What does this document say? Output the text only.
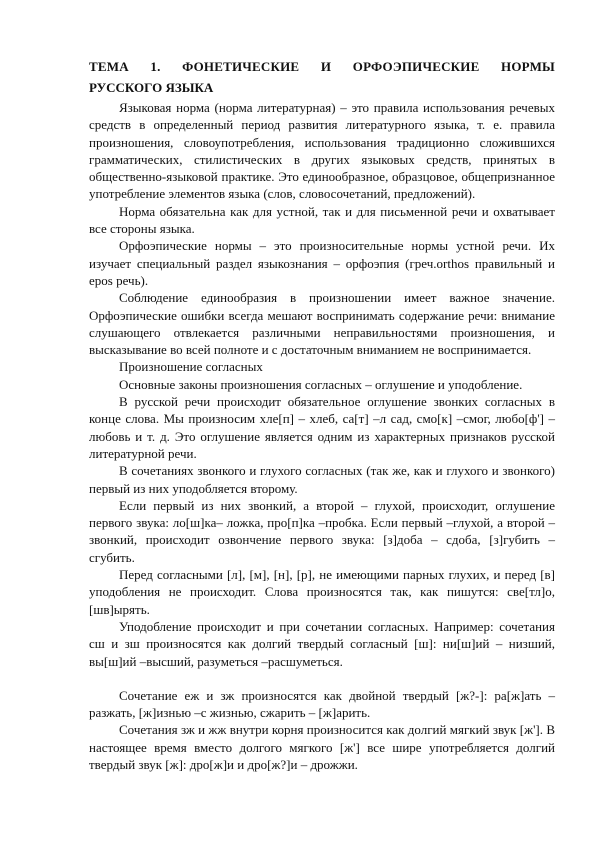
ТЕМА 1. ФОНЕТИЧЕСКИЕ И ОРФОЭПИЧЕСКИЕ НОРМЫ

РУССКОГО ЯЗЫКА

Языковая норма (норма литературная) – это правила использования речевых средств в определенный период развития литературного языка, т. е. правила произношения, словоупотребления, использования традиционно сложившихся грамматических, стилистических в других языковых средств, принятых в общественно-языковой практике. Это единообразное, образцовое, общепризнанное употребление элементов языка (слов, словосочетаний, предложений).

Норма обязательна как для устной, так и для письменной речи и охватывает все стороны языка.

Орфоэпические нормы – это произносительные нормы устной речи. Их изучает специальный раздел языкознания – орфоэпия (греч.orthos правильный и epos речь).

Соблюдение единообразия в произношении имеет важное значение. Орфоэпические ошибки всегда мешают воспринимать содержание речи: внимание слушающего отвлекается различными неправильностями произношения, и высказывание во всей полноте и с достаточным вниманием не воспринимается.

Произношение согласных

Основные законы произношения согласных – оглушение и уподобление.

В русской речи происходит обязательное оглушение звонких согласных в конце слова. Мы произносим хле[п] – хлеб, са[т] –л сад, смо[к] –смог, любо[ф'] – любовь и т. д. Это оглушение является одним из характерных признаков русской литературной речи.

В сочетаниях звонкого и глухого согласных (так же, как и глухого и звонкого) первый из них уподобляется второму.

Если первый из них звонкий, а второй – глухой, происходит, оглушение первого звука: ло[ш]ка– ложка, про[п]ка –пробка. Если первый –глухой, а второй – звонкий, происходит озвончение первого звука: [з]доба – сдоба, [з]губить – сгубить.

Перед согласными [л], [м], [н], [р], не имеющими парных глухих, и перед [в] уподобления не происходит. Слова произносятся так, как пишутся: све[тл]о, [шв]ырять.

Уподобление происходит и при сочетании согласных. Например: сочетания сш и зш произносятся как долгий твердый согласный [ш]: ни[ш]ий – низший, вы[ш]ий –высший, разуметься –расшуметься.

Сочетание еж и зж произносятся как двойной твердый [ж?-]: ра[ж]ать – разжать, [ж]изнью –с жизнью, сжарить – [ж]арить.

Сочетания зж и жж внутри корня произносится как долгий мягкий звук [ж']. В настоящее время вместо долгого мягкого [ж'] все шире употребляется долгий твердый звук [ж]: дро[ж]и и дро[ж?]и – дрожжи.
